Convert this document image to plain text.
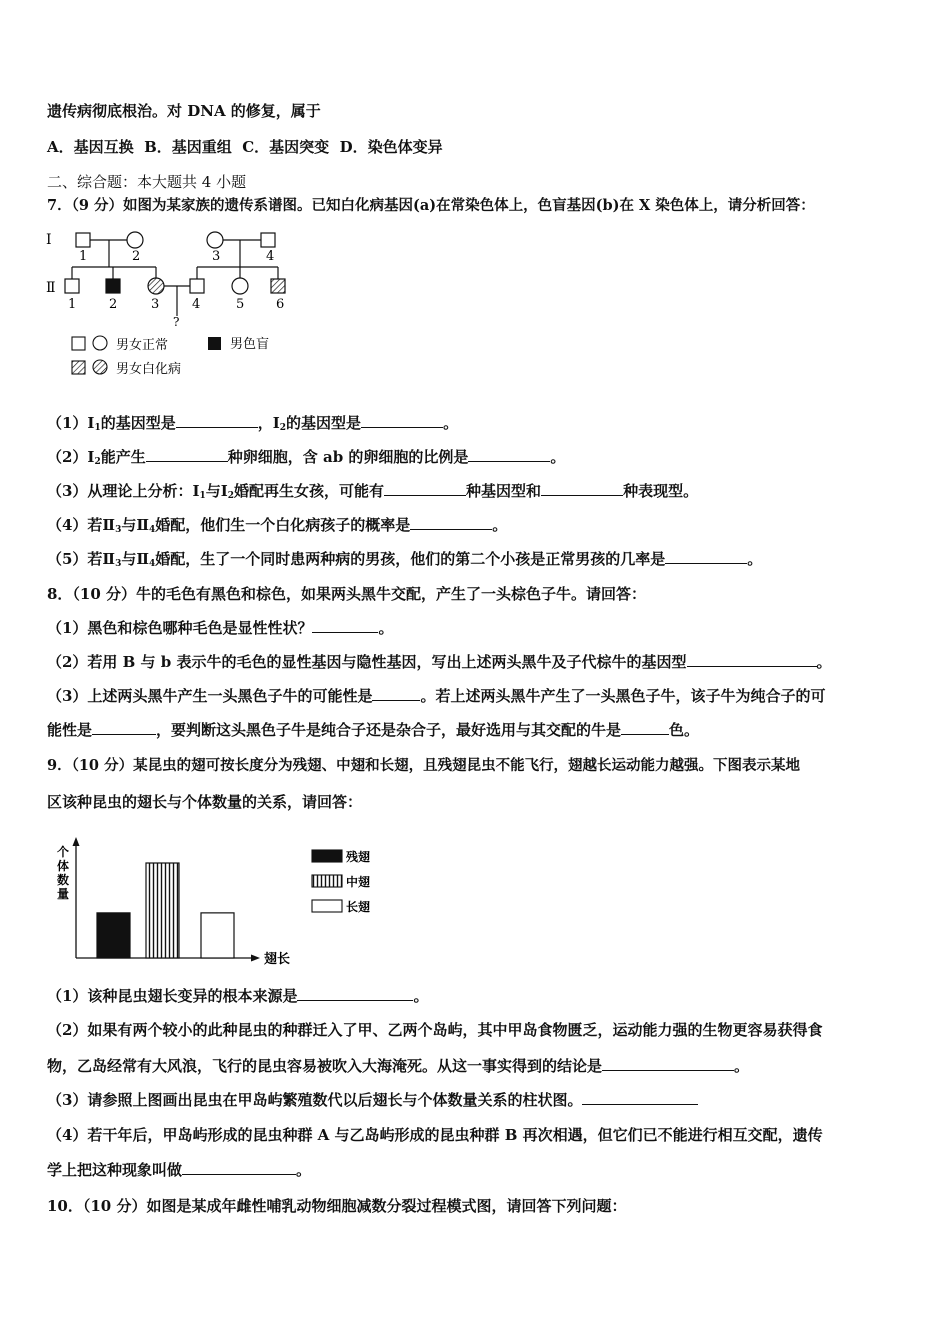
遗传病彻底根治。对 DNA 的修复，属于
A．基因互换 B．基因重组 C．基因突变 D．染色体变异
二、综合题：本大题共 4 小题
7．（9 分）如图为某家族的遗传系谱图。已知白化病基因(a)在常染色体上，色盲基因(b)在 X 染色体上，请分析回答：
Ⅰ
Ⅱ
1	2	3	4
1	2	3	4	5 6
?
男女正常	男色盲
男女白化病
$(1)Ⅰ_1$的基因型是	，$Ⅰ_2$的基因型是	。
$(2)Ⅰ_2$能产生	种卵细胞，含 ab 的卵细胞的比例是	。
（3）从理论上分析：$Ⅰ_1$与$Ⅰ_2$婚配再生女孩，可能有	种基因型和	种表现型。
（4）若$Ⅱ_3$与$Ⅱ_4$婚配，他们生一个白化病孩子的概率是	。
（5）若$Ⅱ_3$与$Ⅱ_4$婚配，生了一个同时患两种病的男孩，他们的第二个小孩是正常男孩的几率是	。
8．（10 分）牛的毛色有黑色和棕色，如果两头黑牛交配，产生了一头棕色子牛。请回答：
（1）黑色和棕色哪种毛色是显性性状？	。
（2）若用 B 与 b 表示牛的毛色的显性基因与隐性基因，写出上述两头黑牛及子代棕牛的基因型	。
（3）上述两头黑牛产生一头黑色子牛的可能性是	。若上述两头黑牛产生了一头黑色子牛，该子牛为纯合子的可
能性是	，要判断这头黑色子牛是纯合子还是杂合子，最好选用与其交配的牛是	色。
9．（10 分）某昆虫的翅可按长度分为残翅、中翅和长翅，且残翅昆虫不能飞行，翅越长运动能力越强。下图表示某地
区该种昆虫的翅长与个体数量的关系，请回答：
个
体
数
量
翅长
残翅
中翅
长翅
（1）该种昆虫翅长变异的根本来源是	。
（2）如果有两个较小的此种昆虫的种群迁入了甲、乙两个岛屿，其中甲岛食物匮乏，运动能力强的生物更容易获得食
物，乙岛经常有大风浪，飞行的昆虫容易被吹入大海淹死。从这一事实得到的结论是	。
（3）请参照上图画出昆虫在甲岛屿繁殖数代以后翅长与个体数量关系的柱状图。
（4）若干年后，甲岛屿形成的昆虫种群 A 与乙岛屿形成的昆虫种群 B 再次相遇，但它们已不能进行相互交配，遗传
学上把这种现象叫做	。
10．（10 分）如图是某成年雌性哺乳动物细胞减数分裂过程模式图，请回答下列问题：
